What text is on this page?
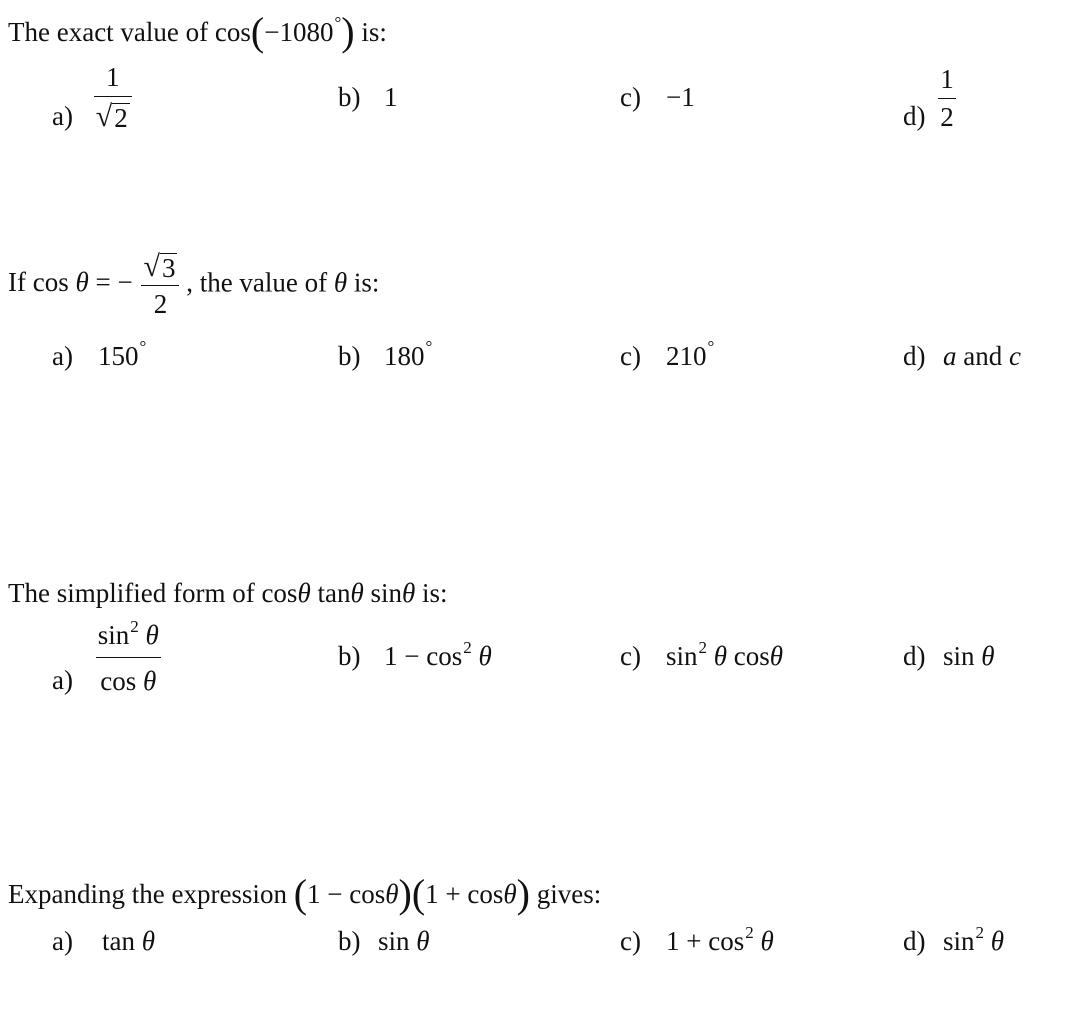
The exact value of cos(−1080°) is:
$a) \frac{1}{√ 2}$	b) 1	c) −1
$d) \frac{1}{2}$
If cos θ = − $\frac{√ 3}{2}$ , the value of θ is:
a) 150°	b) 180°	c) 210°	d) a and c
The simplified form of cosθ tanθ sinθ is:
$a) \frac{\sin^2 \theta}{\text{cos θ}}$	b) $1 - \cos^2 \theta$	c) $\sin^2 \theta$ cosθ	d) sin θ
Expanding the expression (1 − cosθ)(1 + cosθ) gives:
a) tan θ	b) sin θ	c) $1 + \cos^2 \theta$	d) $\sin^2 \theta$
